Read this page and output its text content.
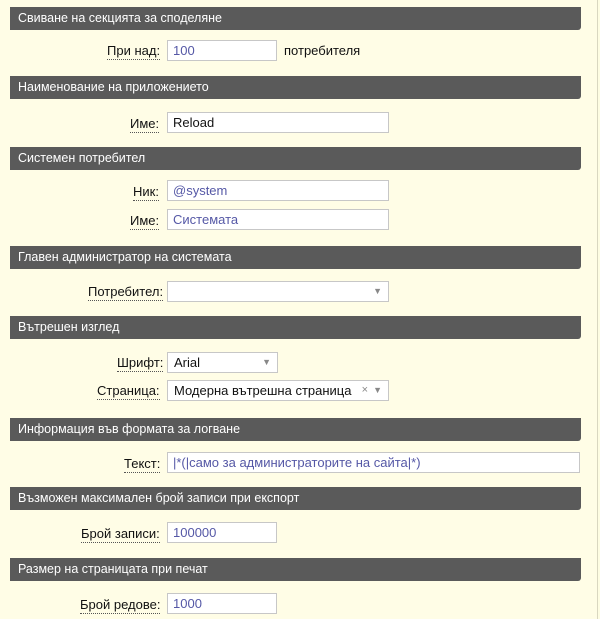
Свиване на секцията за споделяне
При над: 100	потребителя
Наименование на приложението
Име:	Reload
Системен потребител
Ник:	@system
Име:	Системата
Главен администратор на системата
Потребител:	▼
Вътрешен изглед
Шрифт: Arial	▼
Страница:	Модерна вътрешна страница × ▼
Информация във формата за логване
Текст: |*(|само за администраторите на сайта|*)
Възможен максимален брой записи при експорт
Брой записи:	100000
Размер на страницата при печат
Брой редове: 1000
